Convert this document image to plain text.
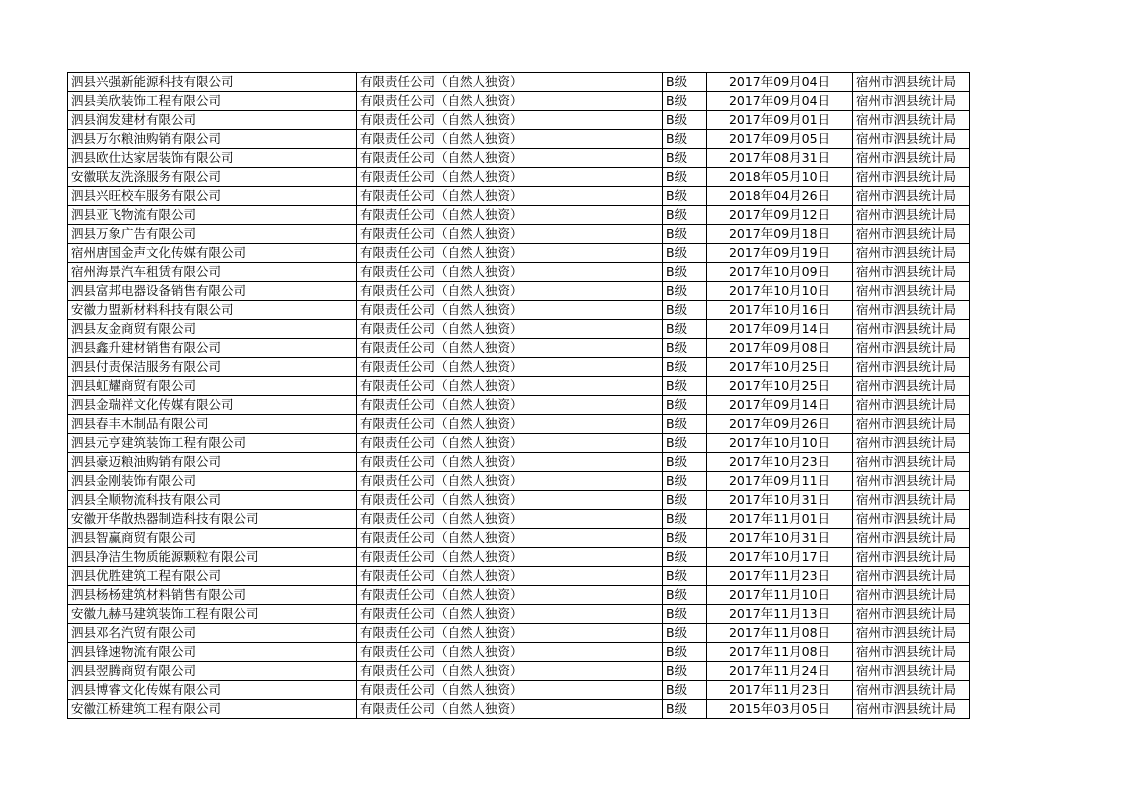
泗县兴强新能源科技有限公司	有限责任公司（自然人独资）	B级	2017年09月04日	宿州市泗县统计局
泗县美欣装饰工程有限公司	有限责任公司（自然人独资）	B级	2017年09月04日	宿州市泗县统计局
泗县润发建材有限公司	有限责任公司（自然人独资）	B级	2017年09月01日	宿州市泗县统计局
泗县万尔粮油购销有限公司	有限责任公司（自然人独资）	B级	2017年09月05日	宿州市泗县统计局
泗县欧仕达家居装饰有限公司	有限责任公司（自然人独资）	B级	2017年08月31日	宿州市泗县统计局
安徽联友洗涤服务有限公司	有限责任公司（自然人独资）	B级	2018年05月10日	宿州市泗县统计局
泗县兴旺校车服务有限公司	有限责任公司（自然人独资）	B级	2018年04月26日	宿州市泗县统计局
泗县亚飞物流有限公司	有限责任公司（自然人独资）	B级	2017年09月12日	宿州市泗县统计局
泗县万象广告有限公司	有限责任公司（自然人独资）	B级	2017年09月18日	宿州市泗县统计局
宿州唐国金声文化传媒有限公司	有限责任公司（自然人独资）	B级	2017年09月19日	宿州市泗县统计局
宿州海景汽车租赁有限公司	有限责任公司（自然人独资）	B级	2017年10月09日	宿州市泗县统计局
泗县富邦电器设备销售有限公司	有限责任公司（自然人独资）	B级	2017年10月10日	宿州市泗县统计局
安徽力盟新材料科技有限公司	有限责任公司（自然人独资）	B级	2017年10月16日	宿州市泗县统计局
泗县友金商贸有限公司	有限责任公司（自然人独资）	B级	2017年09月14日	宿州市泗县统计局
泗县鑫升建材销售有限公司	有限责任公司（自然人独资）	B级	2017年09月08日	宿州市泗县统计局
泗县付责保洁服务有限公司	有限责任公司（自然人独资）	B级	2017年10月25日	宿州市泗县统计局
泗县虹耀商贸有限公司	有限责任公司（自然人独资）	B级	2017年10月25日	宿州市泗县统计局
泗县金瑞祥文化传媒有限公司	有限责任公司（自然人独资）	B级	2017年09月14日	宿州市泗县统计局
泗县春丰木制品有限公司	有限责任公司（自然人独资）	B级	2017年09月26日	宿州市泗县统计局
泗县元亨建筑装饰工程有限公司	有限责任公司（自然人独资）	B级	2017年10月10日	宿州市泗县统计局
泗县豪迈粮油购销有限公司	有限责任公司（自然人独资）	B级	2017年10月23日	宿州市泗县统计局
泗县金刚装饰有限公司	有限责任公司（自然人独资）	B级	2017年09月11日	宿州市泗县统计局
泗县全顺物流科技有限公司	有限责任公司（自然人独资）	B级	2017年10月31日	宿州市泗县统计局
安徽开华散热器制造科技有限公司	有限责任公司（自然人独资）	B级	2017年11月01日	宿州市泗县统计局
泗县智赢商贸有限公司	有限责任公司（自然人独资）	B级	2017年10月31日	宿州市泗县统计局
泗县净洁生物质能源颗粒有限公司	有限责任公司（自然人独资）	B级	2017年10月17日	宿州市泗县统计局
泗县优胜建筑工程有限公司	有限责任公司（自然人独资）	B级	2017年11月23日	宿州市泗县统计局
泗县杨杨建筑材料销售有限公司	有限责任公司（自然人独资）	B级	2017年11月10日	宿州市泗县统计局
安徽九赫马建筑装饰工程有限公司	有限责任公司（自然人独资）	B级	2017年11月13日	宿州市泗县统计局
泗县邓名汽贸有限公司	有限责任公司（自然人独资）	B级	2017年11月08日	宿州市泗县统计局
泗县锋速物流有限公司	有限责任公司（自然人独资）	B级	2017年11月08日	宿州市泗县统计局
泗县翌腾商贸有限公司	有限责任公司（自然人独资）	B级	2017年11月24日	宿州市泗县统计局
泗县博睿文化传媒有限公司	有限责任公司（自然人独资）	B级	2017年11月23日	宿州市泗县统计局
安徽江桥建筑工程有限公司	有限责任公司（自然人独资）	B级	2015年03月05日	宿州市泗县统计局
